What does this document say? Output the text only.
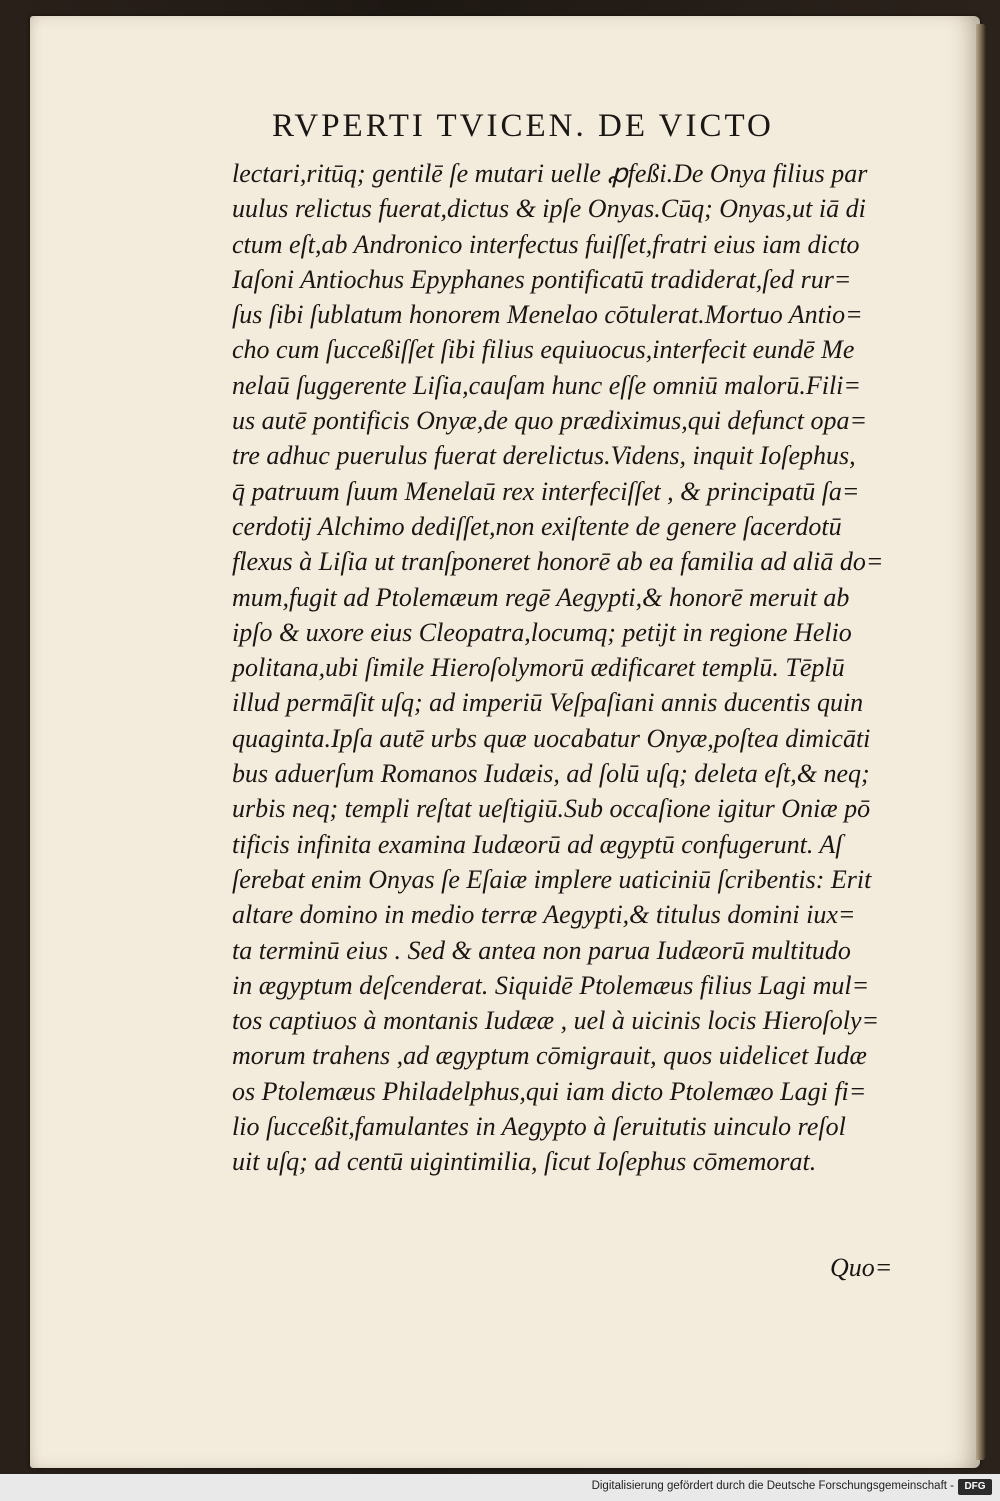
RVPERTI TVICEN. DE VICTO
lectari,ritūq; gentilē ſe mutari uelle ꝓfeßi.De Onya filius par
uulus relictus fuerat,dictus & ipſe Onyas.Cūq; Onyas,ut iā di
ctum eſt,ab Andronico interfectus fuiſſet,fratri eius iam dicto
Iaſoni Antiochus Epyphanes pontificatū tradiderat,ſed rur=
ſus ſibi ſublatum honorem Menelao cōtulerat.Mortuo Antio=
cho cum ſucceßiſſet ſibi filius equiuocus,interfecit eundē Me
nelaū ſuggerente Liſia,cauſam hunc eſſe omniū malorū.Fili=
us autē pontificis Onyæ,de quo prædiximus,qui defunct opa=
tre adhuc puerulus fuerat derelictus.Videns, inquit Ioſephus,
q̄ patruum ſuum Menelaū rex interfeciſſet , & principatū ſa=
cerdotij Alchimo dediſſet,non exiſtente de genere ſacerdotū
flexus à Liſia ut tranſponeret honorē ab ea familia ad aliā do=
mum,fugit ad Ptolemæum regē Aegypti,& honorē meruit ab
ipſo & uxore eius Cleopatra,locumq; petijt in regione Helio
politana,ubi ſimile Hieroſolymorū ædificaret templū. Tēplū
illud permāſit uſq; ad imperiū Veſpaſiani annis ducentis quin
quaginta.Ipſa autē urbs quæ uocabatur Onyæ,poſtea dimicāti
bus aduerſum Romanos Iudæis, ad ſolū uſq; deleta eſt,& neq;
urbis neq; templi reſtat ueſtigiū.Sub occaſione igitur Oniæ pō
tificis infinita examina Iudæorū ad ægyptū confugerunt. Aſ
ſerebat enim Onyas ſe Eſaiæ implere uaticiniū ſcribentis: Erit
altare domino in medio terræ Aegypti,& titulus domini iux=
ta terminū eius . Sed & antea non parua Iudæorū multitudo
in ægyptum deſcenderat. Siquidē Ptolemæus filius Lagi mul=
tos captiuos à montanis Iudææ , uel à uicinis locis Hieroſoly=
morum trahens ,ad ægyptum cōmigrauit, quos uidelicet Iudæ
os Ptolemæus Philadelphus,qui iam dicto Ptolemæo Lagi fi=
lio ſucceßit,famulantes in Aegypto à ſeruitutis uinculo reſol
uit uſq; ad centū uigintimilia, ſicut Ioſephus cōmemorat.
Quo=
Digitalisierung gefördert durch die Deutsche Forschungsgemeinschaft -	DFG
